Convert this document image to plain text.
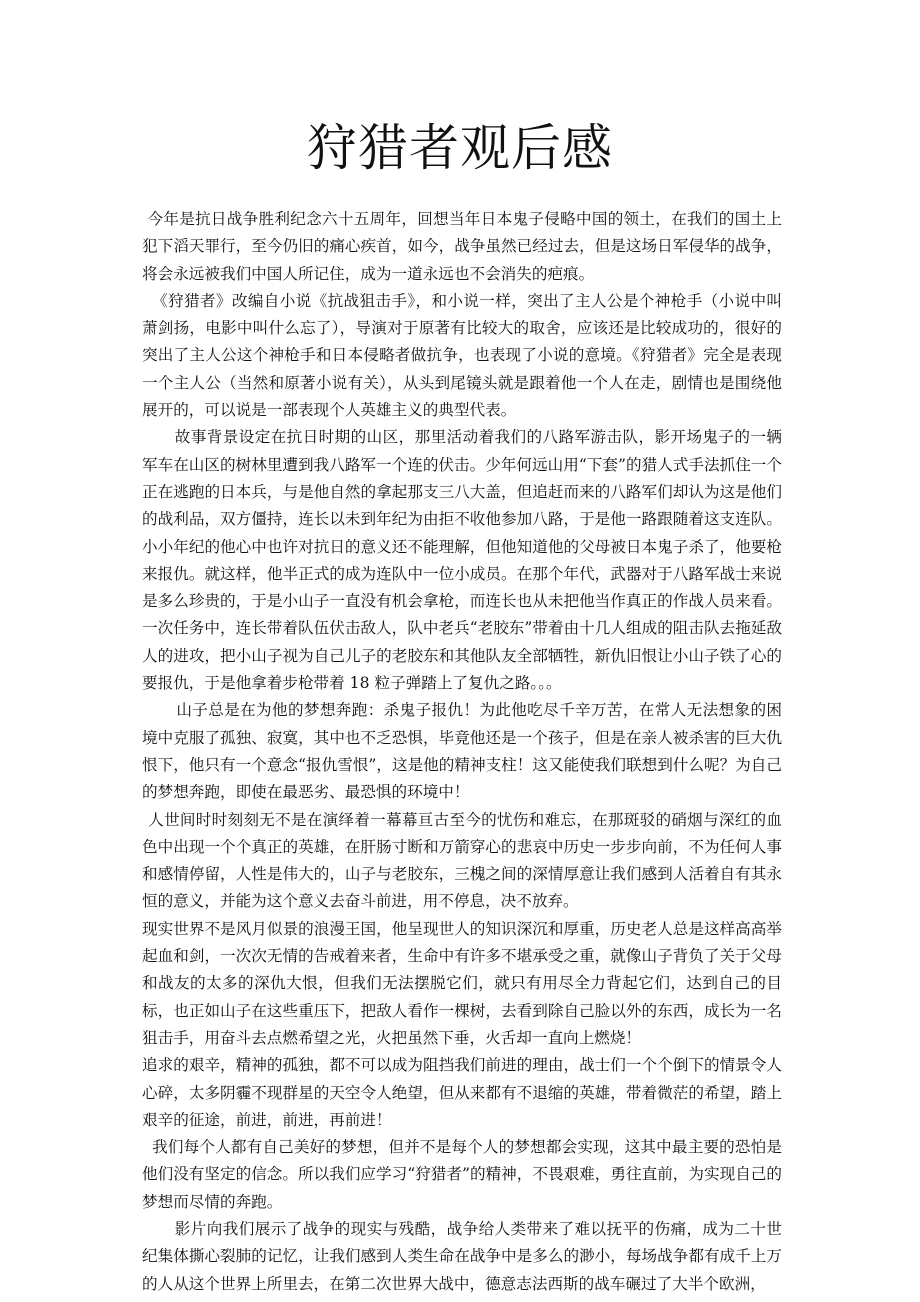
狩猎者观后感

今年是抗日战争胜利纪念六十五周年，回想当年日本鬼子侵略中国的领土，在我们的国土上犯下滔天罪行，至今仍旧的痛心疾首，如今，战争虽然已经过去，但是这场日军侵华的战争，将会永远被我们中国人所记住，成为一道永远也不会消失的疤痕。

《狩猎者》改编自小说《抗战狙击手》，和小说一样，突出了主人公是个神枪手（小说中叫萧剑扬，电影中叫什么忘了），导演对于原著有比较大的取舍，应该还是比较成功的，很好的突出了主人公这个神枪手和日本侵略者做抗争，也表现了小说的意境。《狩猎者》完全是表现一个主人公（当然和原著小说有关），从头到尾镜头就是跟着他一个人在走，剧情也是围绕他展开的，可以说是一部表现个人英雄主义的典型代表。

故事背景设定在抗日时期的山区，那里活动着我们的八路军游击队，影开场鬼子的一辆军车在山区的树林里遭到我八路军一个连的伏击。少年何远山用“下套”的猎人式手法抓住一个正在逃跑的日本兵，与是他自然的拿起那支三八大盖，但追赶而来的八路军们却认为这是他们的战利品，双方僵持，连长以未到年纪为由拒不收他参加八路，于是他一路跟随着这支连队。小小年纪的他心中也许对抗日的意义还不能理解，但他知道他的父母被日本鬼子杀了，他要枪来报仇。就这样，他半正式的成为连队中一位小成员。在那个年代，武器对于八路军战士来说是多么珍贵的，于是小山子一直没有机会拿枪，而连长也从未把他当作真正的作战人员来看。一次任务中，连长带着队伍伏击敌人，队中老兵“老胶东”带着由十几人组成的阻击队去拖延敌人的进攻，把小山子视为自己儿子的老胶东和其他队友全部牺牲，新仇旧恨让小山子铁了心的要报仇，于是他拿着步枪带着 18 粒子弹踏上了复仇之路。。。

山子总是在为他的梦想奔跑：杀鬼子报仇！为此他吃尽千辛万苦，在常人无法想象的困境中克服了孤独、寂寞，其中也不乏恐惧，毕竟他还是一个孩子，但是在亲人被杀害的巨大仇恨下，他只有一个意念“报仇雪恨”，这是他的精神支柱！这又能使我们联想到什么呢？为自己的梦想奔跑，即使在最恶劣、最恐惧的环境中！

人世间时时刻刻无不是在演绎着一幕幕亘古至今的忧伤和难忘，在那斑驳的硝烟与深红的血色中出现一个个真正的英雄，在肝肠寸断和万箭穿心的悲哀中历史一步步向前，不为任何人事和感情停留，人性是伟大的，山子与老胶东，三槐之间的深情厚意让我们感到人活着自有其永恒的意义，并能为这个意义去奋斗前进，用不停息，决不放弃。

现实世界不是风月似景的浪漫王国，他呈现世人的知识深沉和厚重，历史老人总是这样高高举起血和剑，一次次无情的告戒着来者，生命中有许多不堪承受之重，就像山子背负了关于父母和战友的太多的深仇大恨，但我们无法摆脱它们，就只有用尽全力背起它们，达到自己的目标，也正如山子在这些重压下，把敌人看作一棵树，去看到除自己脸以外的东西，成长为一名狙击手，用奋斗去点燃希望之光，火把虽然下垂，火舌却一直向上燃烧！

追求的艰辛，精神的孤独，都不可以成为阻挡我们前进的理由，战士们一个个倒下的情景令人心碎，太多阴霾不现群星的天空令人绝望，但从来都有不退缩的英雄，带着微茫的希望，踏上艰辛的征途，前进，前进，再前进！

我们每个人都有自己美好的梦想，但并不是每个人的梦想都会实现，这其中最主要的恐怕是他们没有坚定的信念。所以我们应学习“狩猎者”的精神，不畏艰难，勇往直前，为实现自己的梦想而尽情的奔跑。

影片向我们展示了战争的现实与残酷，战争给人类带来了难以抚平的伤痛，成为二十世纪集体撕心裂肺的记忆，让我们感到人类生命在战争中是多么的渺小，每场战争都有成千上万的人从这个世界上所里去，在第二次世界大战中，德意志法西斯的战车碾过了大半个欧洲，
